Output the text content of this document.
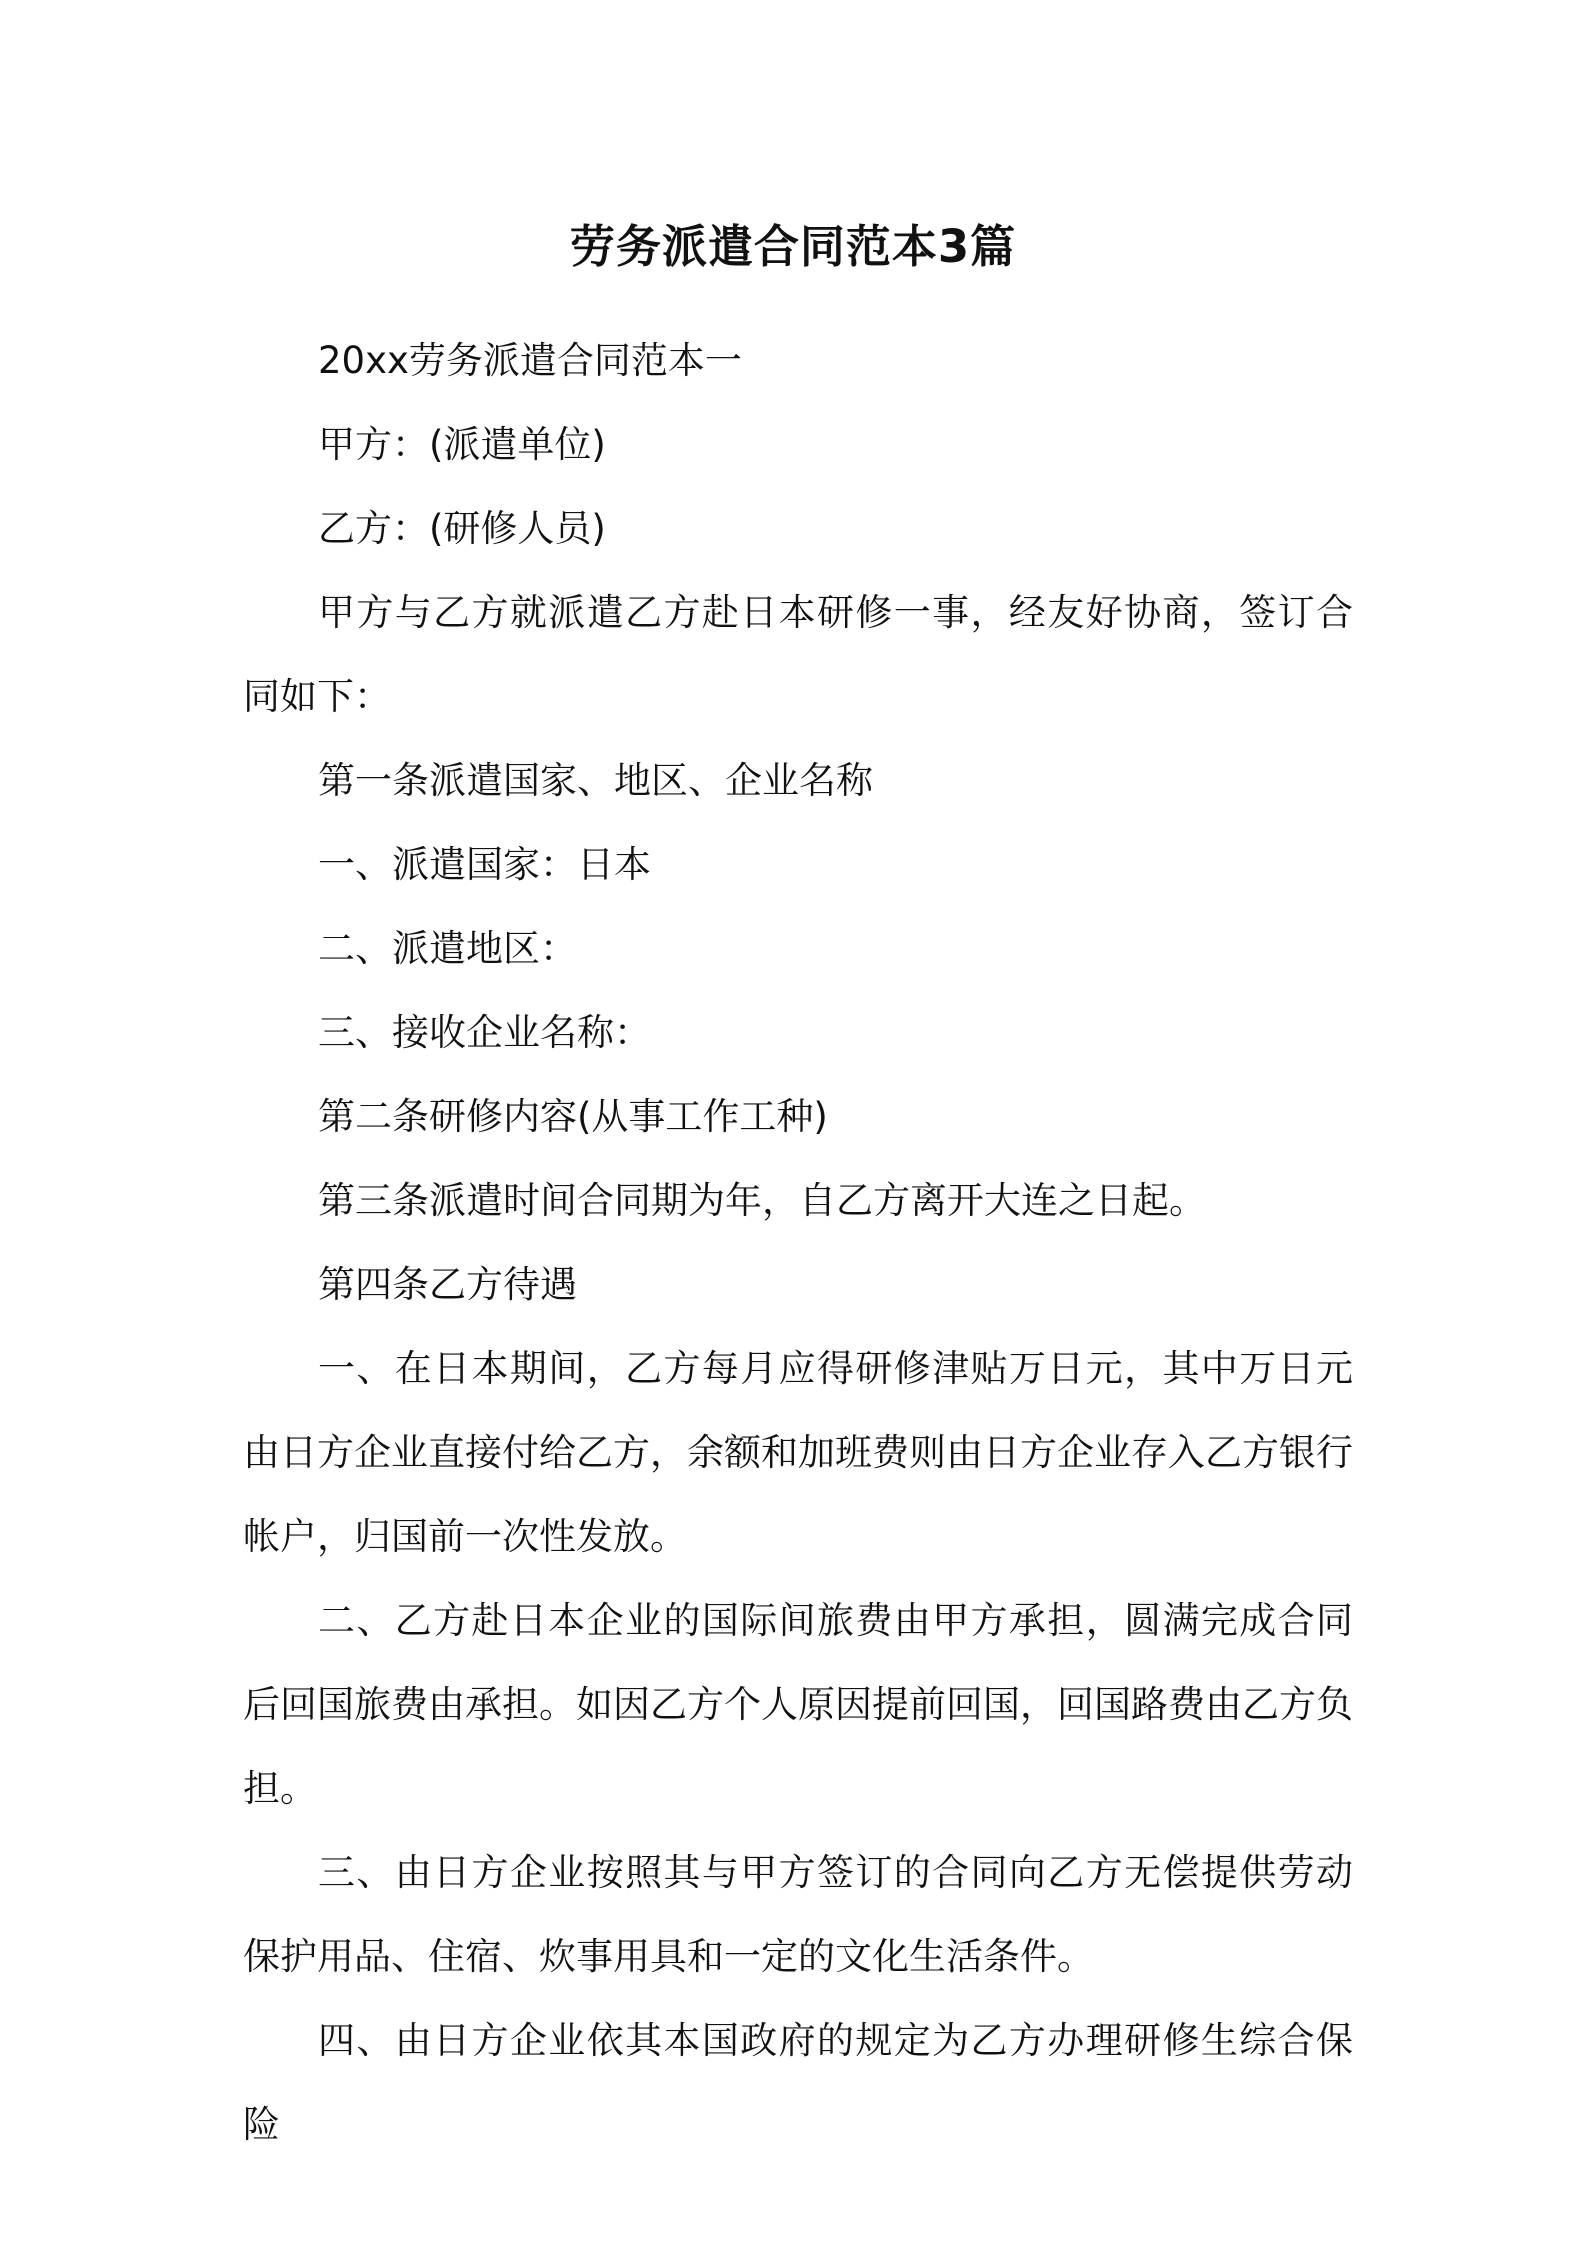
劳务派遣合同范本3篇

20xx劳务派遣合同范本一

甲方：(派遣单位)

乙方：(研修人员)

甲方与乙方就派遣乙方赴日本研修一事，经友好协商，签订合同如下：

第一条派遣国家、地区、企业名称

一、派遣国家：日本

二、派遣地区：

三、接收企业名称：

第二条研修内容(从事工作工种)

第三条派遣时间合同期为年，自乙方离开大连之日起。

第四条乙方待遇

一、在日本期间，乙方每月应得研修津贴万日元，其中万日元由日方企业直接付给乙方，余额和加班费则由日方企业存入乙方银行帐户，归国前一次性发放。

二、乙方赴日本企业的国际间旅费由甲方承担，圆满完成合同后回国旅费由承担。如因乙方个人原因提前回国，回国路费由乙方负担。

三、由日方企业按照其与甲方签订的合同向乙方无偿提供劳动保护用品、住宿、炊事用具和一定的文化生活条件。

四、由日方企业依其本国政府的规定为乙方办理研修生综合保险
